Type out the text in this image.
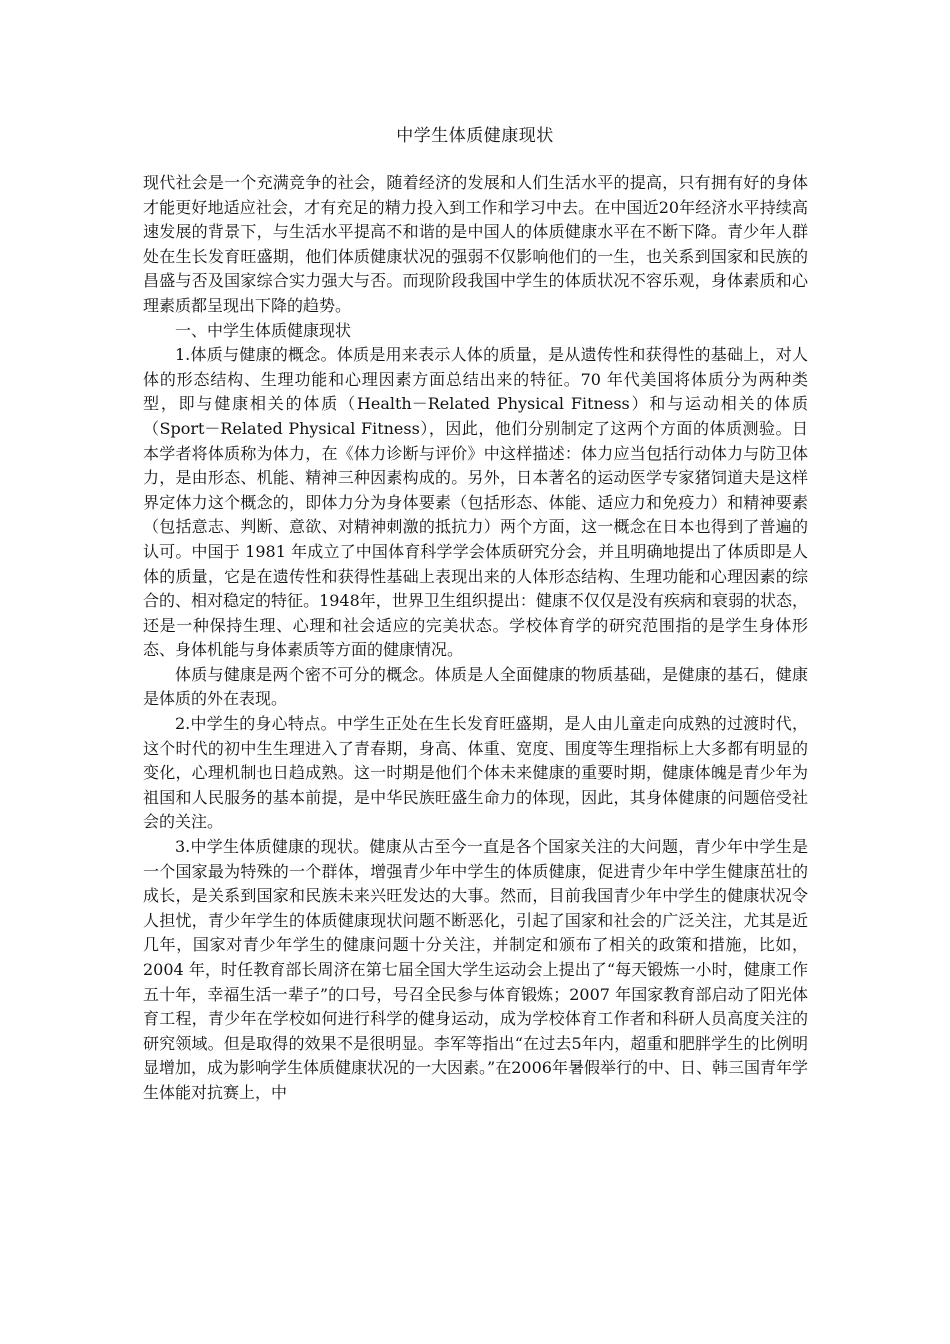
中学生体质健康现状

现代社会是一个充满竞争的社会，随着经济的发展和人们生活水平的提高，只有拥有好的身体才能更好地适应社会，才有充足的精力投入到工作和学习中去。在中国近20年经济水平持续高速发展的背景下，与生活水平提高不和谐的是中国人的体质健康水平在不断下降。青少年人群处在生长发育旺盛期，他们体质健康状况的强弱不仅影响他们的一生，也关系到国家和民族的昌盛与否及国家综合实力强大与否。而现阶段我国中学生的体质状况不容乐观，身体素质和心理素质都呈现出下降的趋势。

一、中学生体质健康现状

1.体质与健康的概念。体质是用来表示人体的质量，是从遗传性和获得性的基础上，对人体的形态结构、生理功能和心理因素方面总结出来的特征。70 年代美国将体质分为两种类型，即与健康相关的体质（Health－Related Physical Fitness）和与运动相关的体质（Sport－Related Physical Fitness），因此，他们分别制定了这两个方面的体质测验。日本学者将体质称为体力，在《体力诊断与评价》中这样描述：体力应当包括行动体力与防卫体力，是由形态、机能、精神三种因素构成的。另外，日本著名的运动医学专家猪饲道夫是这样界定体力这个概念的，即体力分为身体要素（包括形态、体能、适应力和免疫力）和精神要素（包括意志、判断、意欲、对精神刺激的抵抗力）两个方面，这一概念在日本也得到了普遍的认可。中国于 1981 年成立了中国体育科学学会体质研究分会，并且明确地提出了体质即是人体的质量，它是在遗传性和获得性基础上表现出来的人体形态结构、生理功能和心理因素的综合的、相对稳定的特征。1948年，世界卫生组织提出：健康不仅仅是没有疾病和衰弱的状态，还是一种保持生理、心理和社会适应的完美状态。学校体育学的研究范围指的是学生身体形态、身体机能与身体素质等方面的健康情况。

体质与健康是两个密不可分的概念。体质是人全面健康的物质基础，是健康的基石，健康是体质的外在表现。

2.中学生的身心特点。中学生正处在生长发育旺盛期，是人由儿童走向成熟的过渡时代，这个时代的初中生生理进入了青春期，身高、体重、宽度、围度等生理指标上大多都有明显的变化，心理机制也日趋成熟。这一时期是他们个体未来健康的重要时期，健康体魄是青少年为祖国和人民服务的基本前提，是中华民族旺盛生命力的体现，因此，其身体健康的问题倍受社会的关注。

3.中学生体质健康的现状。健康从古至今一直是各个国家关注的大问题，青少年中学生是一个国家最为特殊的一个群体，增强青少年中学生的体质健康，促进青少年中学生健康茁壮的成长，是关系到国家和民族未来兴旺发达的大事。然而，目前我国青少年中学生的健康状况令人担忧，青少年学生的体质健康现状问题不断恶化，引起了国家和社会的广泛关注，尤其是近几年，国家对青少年学生的健康问题十分关注，并制定和颁布了相关的政策和措施，比如，2004 年，时任教育部长周济在第七届全国大学生运动会上提出了“每天锻炼一小时，健康工作五十年，幸福生活一辈子”的口号，号召全民参与体育锻炼；2007 年国家教育部启动了阳光体育工程，青少年在学校如何进行科学的健身运动，成为学校体育工作者和科研人员高度关注的研究领域。但是取得的效果不是很明显。李军等指出“在过去5年内，超重和肥胖学生的比例明显增加，成为影响学生体质健康状况的一大因素。”在2006年暑假举行的中、日、韩三国青年学生体能对抗赛上，中
